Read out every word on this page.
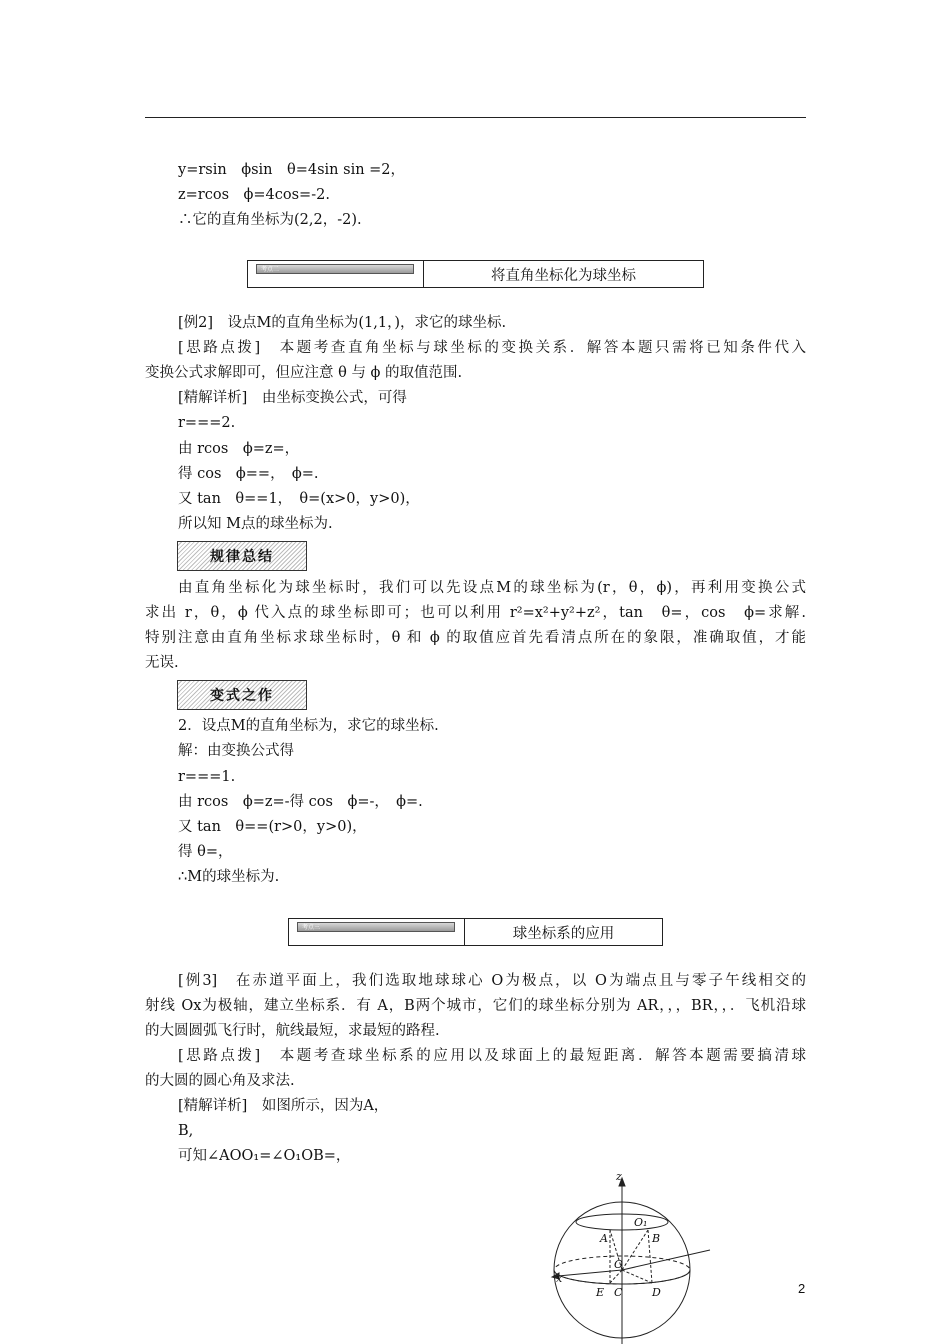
y=rsin　ϕsin　θ=4sin sin =2，
z=rcos　ϕ=4cos=-2.
∴它的直角坐标为(2,2，-2).
考点二	将直角坐标化为球坐标
[例2]　设点M的直角坐标为(1,1，)，求它的球坐标.
[思路点拨]　本题考查直角坐标与球坐标的变换关系．解答本题只需将已知条件代入
变换公式求解即可，但应注意 θ 与 ϕ 的取值范围.
[精解详析]　由坐标变换公式，可得
r===2.
由 rcos　ϕ=z=，
得 cos　ϕ==，　ϕ=.
又 tan　θ==1，　θ=(x>0，y>0)，
所以知 M点的球坐标为.
规律总结
由直角坐标化为球坐标时，我们可以先设点M的球坐标为(r，θ，ϕ)，再利用变换公式
求出 r，θ，ϕ 代入点的球坐标即可；也可以利用 r²=x²+y²+z²，tan　θ=，cos　ϕ=求解.
特别注意由直角坐标求球坐标时，θ 和 ϕ 的取值应首先看清点所在的象限，准确取值，才能
无误.
变式之作
2．设点M的直角坐标为，求它的球坐标.
解：由变换公式得
r===1.
由 rcos　ϕ=z=-得 cos　ϕ=-，　ϕ=.
又 tan　θ==(r>0，y>0)，
得 θ=，
∴M的球坐标为.
考点三	球坐标系的应用
[例3]　在赤道平面上，我们选取地球球心 O为极点，以 O为端点且与零子午线相交的
射线 Ox为极轴，建立坐标系．有 A，B两个城市，它们的球坐标分别为 AR，，，BR，，．飞机沿球
的大圆圆弧飞行时，航线最短，求最短的路程.
[思路点拨]　本题考查球坐标系的应用以及球面上的最短距离．解答本题需要搞清球
的大圆的圆心角及求法.
[精解详析]　如图所示，因为A，
B,
可知∠AOO₁=∠O₁OB=，
z
x
O₁
O
A	B
E C	D	2
